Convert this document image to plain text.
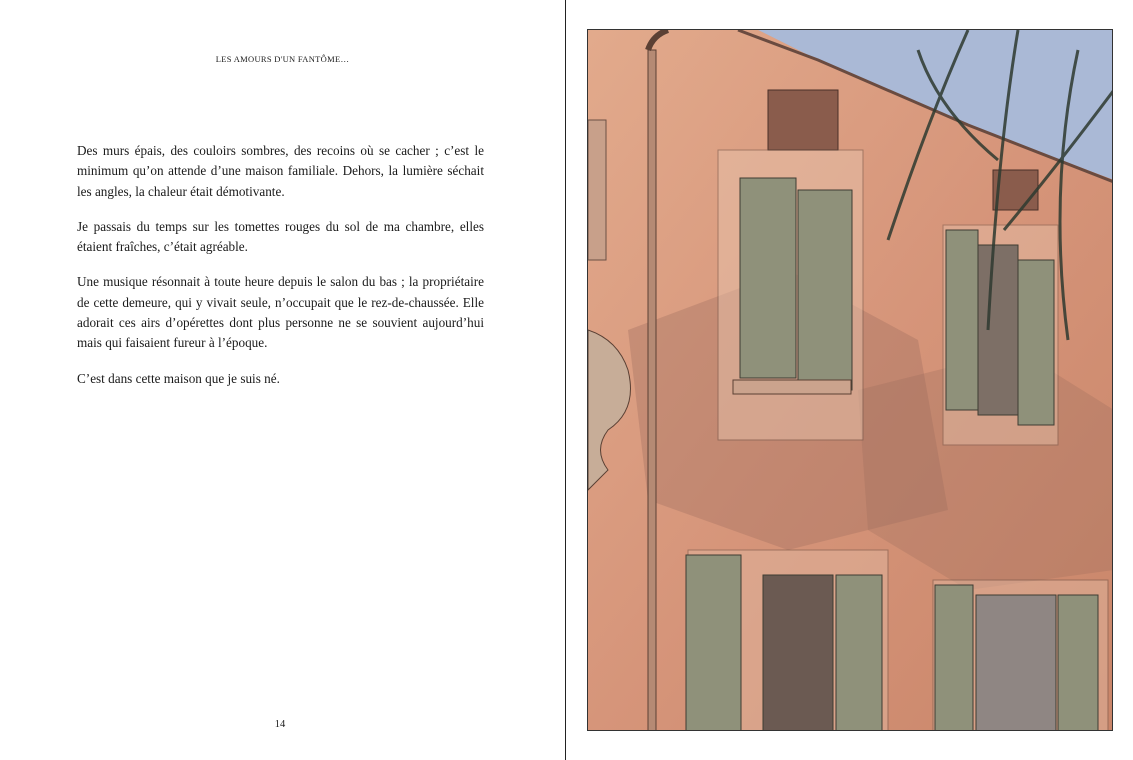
LES AMOURS D'UN FANTÔME…

Des murs épais, des couloirs sombres, des recoins où se cacher ; c’est le minimum qu’on attende d’une maison familiale. Dehors, la lumière séchait les angles, la chaleur était démotivante.

Je passais du temps sur les tomettes rouges du sol de ma chambre, elles étaient fraîches, c’était agréable.

Une musique résonnait à toute heure depuis le salon du bas ; la propriétaire de cette demeure, qui y vivait seule, n’occupait que le rez-de-chaussée. Elle adorait ces airs d’opérettes dont plus personne ne se souvient aujourd’hui mais qui faisaient fureur à l’époque.

C’est dans cette maison que je suis né.

14
